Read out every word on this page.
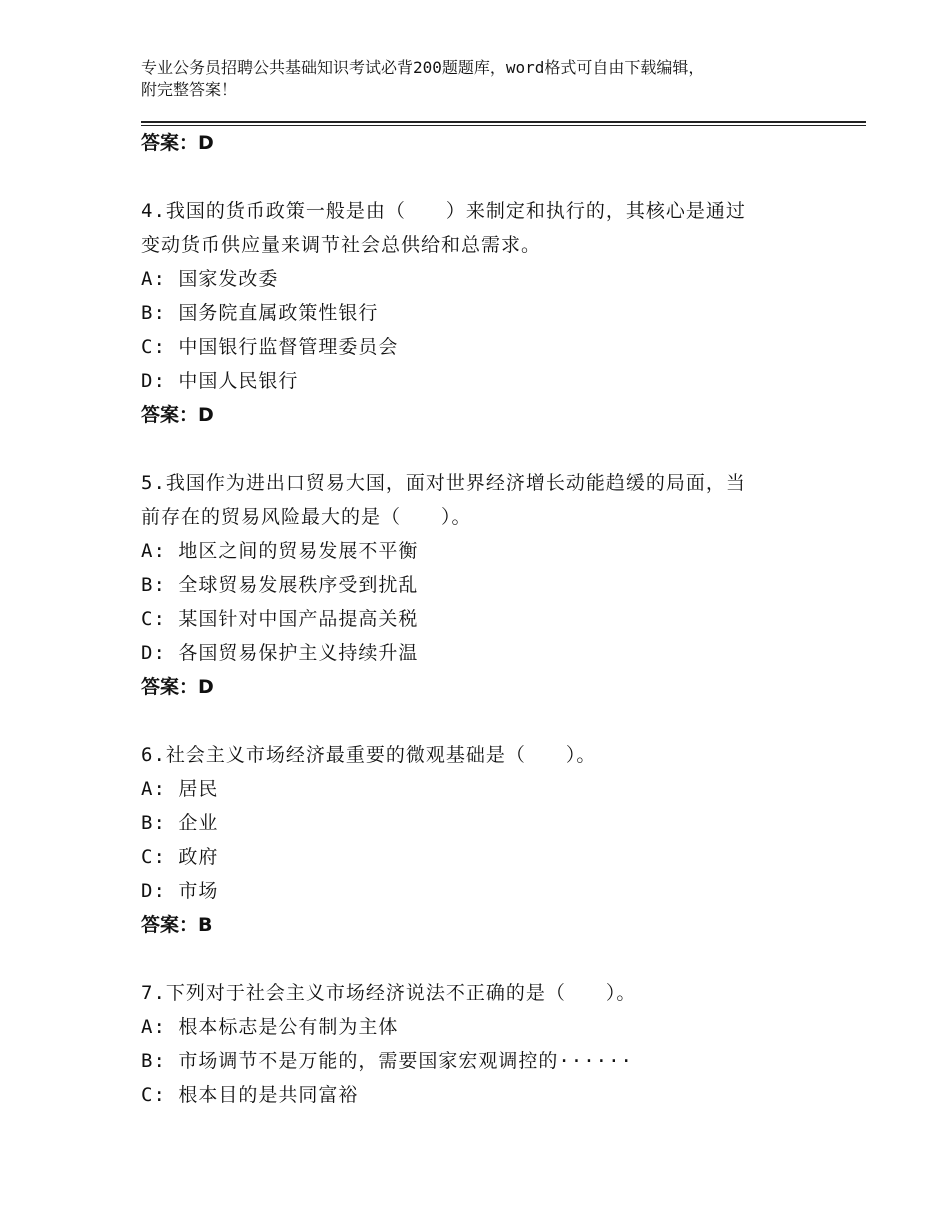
专业公务员招聘公共基础知识考试必背200题题库，word格式可自由下载编辑，
附完整答案！
答案：D
4.我国的货币政策一般是由（　　）来制定和执行的，其核心是通过
变动货币供应量来调节社会总供给和总需求。
A: 国家发改委
B: 国务院直属政策性银行
C: 中国银行监督管理委员会
D: 中国人民银行
答案：D
5.我国作为进出口贸易大国，面对世界经济增长动能趋缓的局面，当
前存在的贸易风险最大的是（　　）。
A: 地区之间的贸易发展不平衡
B: 全球贸易发展秩序受到扰乱
C: 某国针对中国产品提高关税
D: 各国贸易保护主义持续升温
答案：D
6.社会主义市场经济最重要的微观基础是（　　）。
A: 居民
B: 企业
C: 政府
D: 市场
答案：B
7.下列对于社会主义市场经济说法不正确的是（　　）。
A: 根本标志是公有制为主体
B: 市场调节不是万能的，需要国家宏观调控的······
C: 根本目的是共同富裕
